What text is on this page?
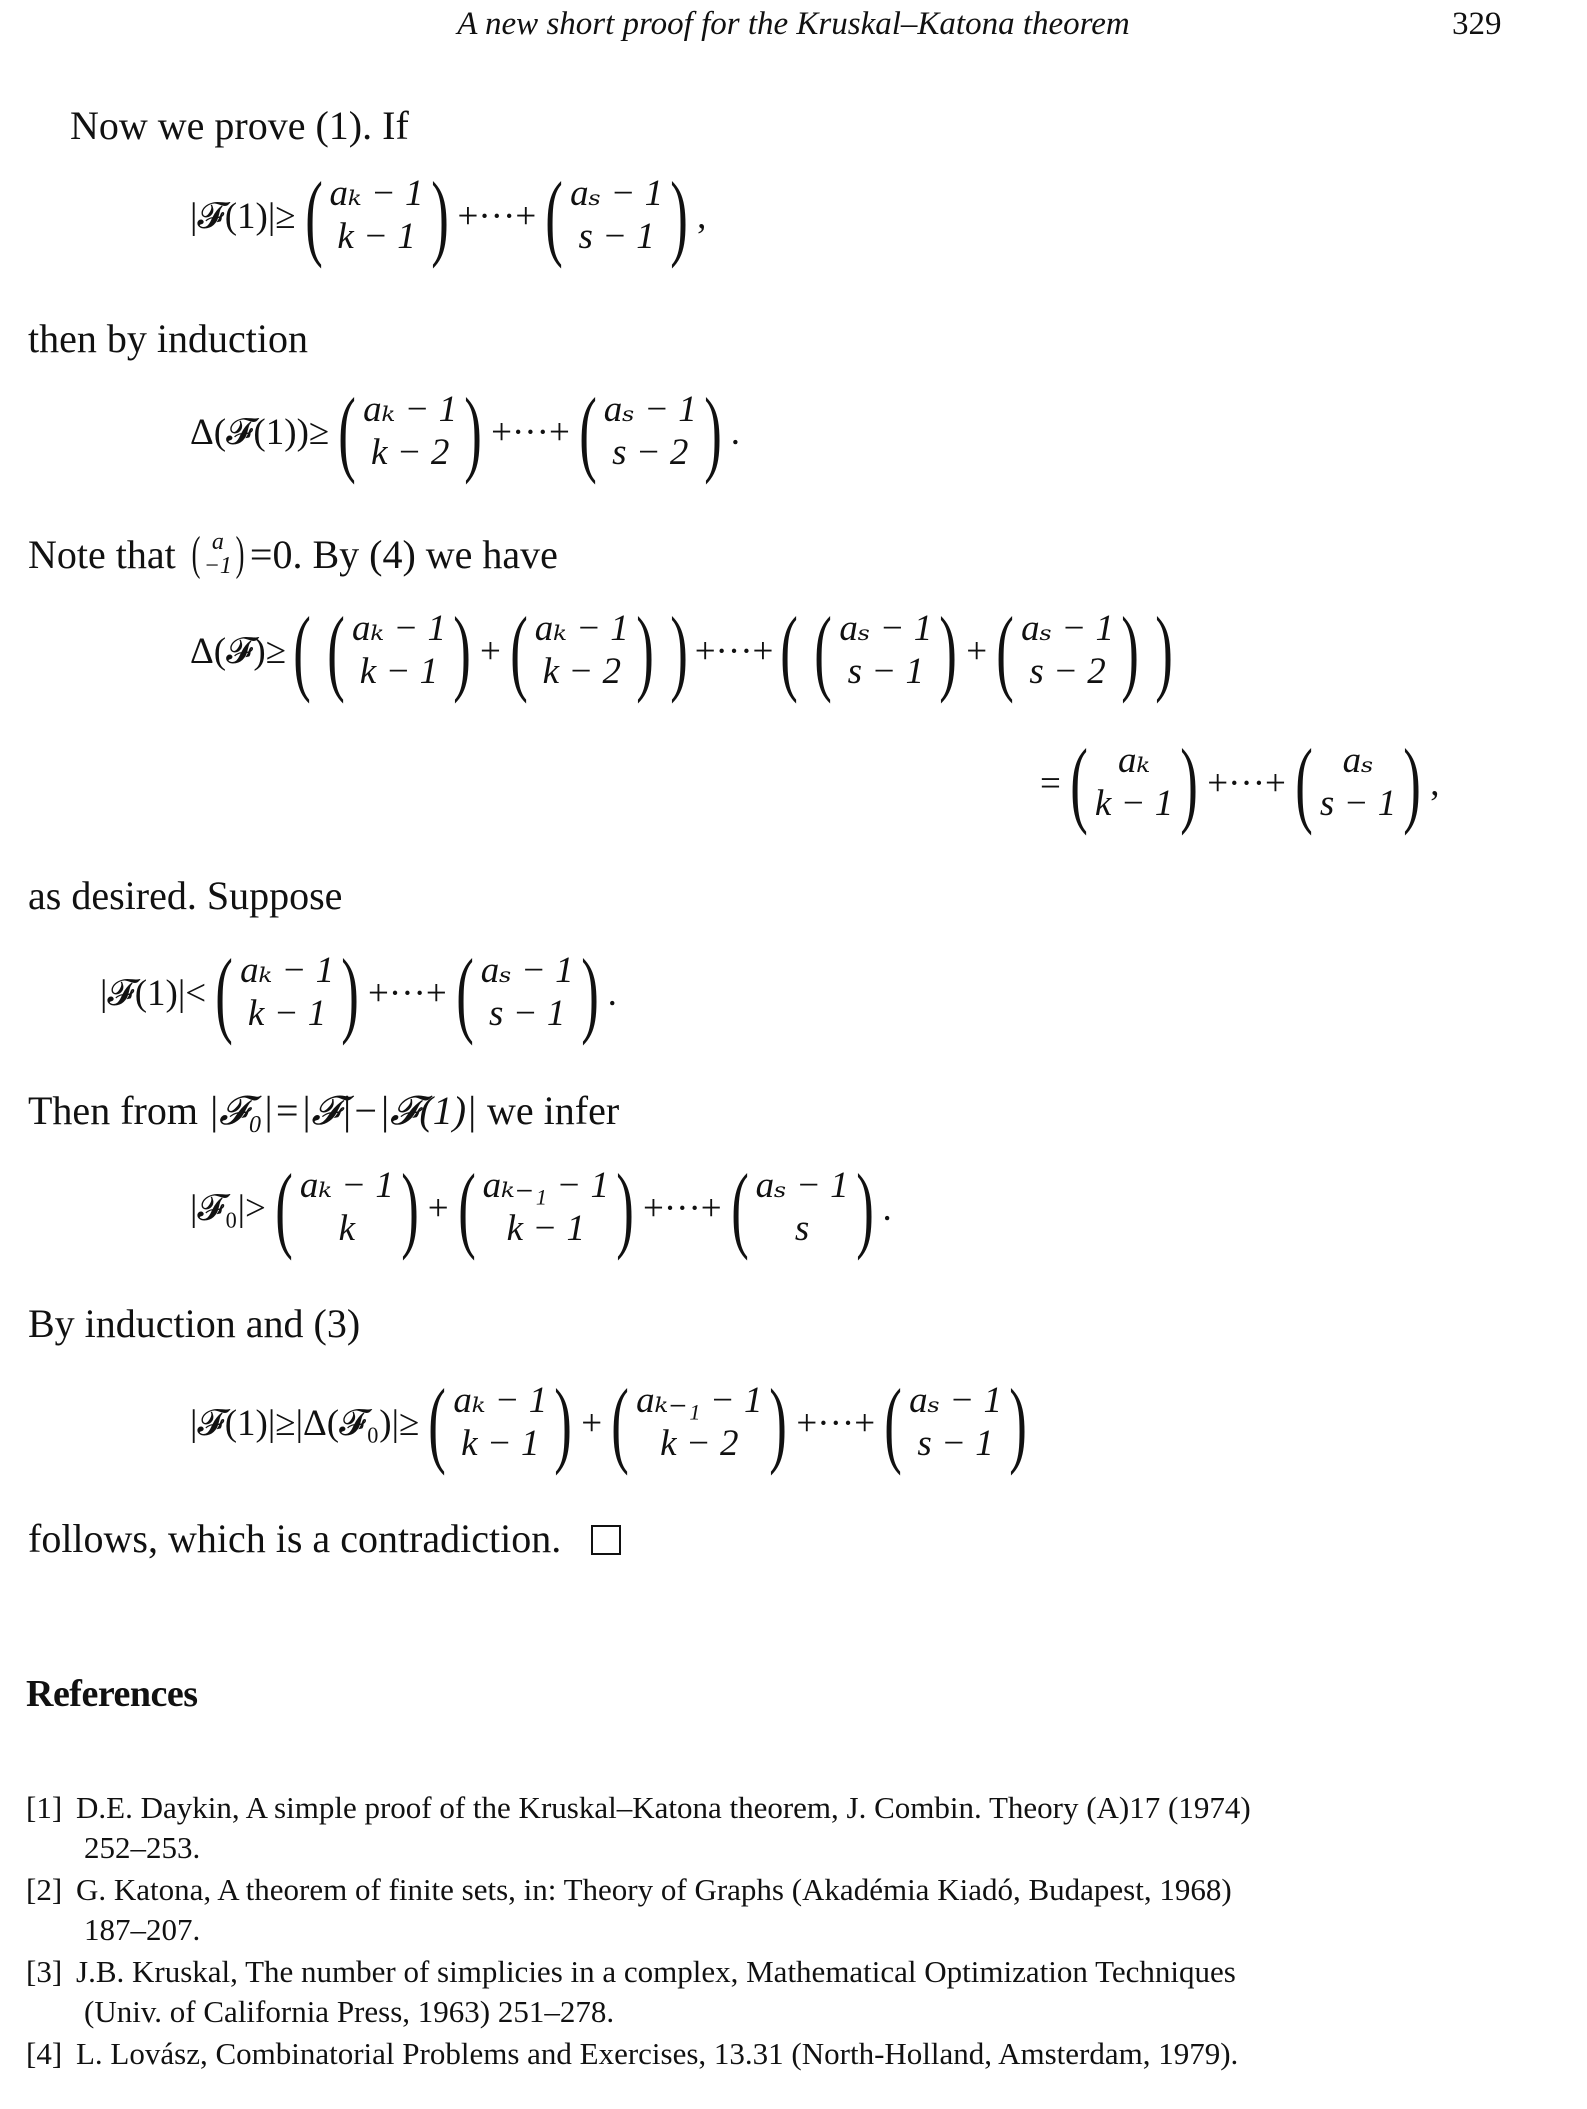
A new short proof for the Kruskal–Katona theorem	329
Now we prove (1). If
|𝓕(1)|≥ ( aₖ − 1
k − 1 ) +···+ ( aₛ − 1
s − 1 ) ,
then by induction
Δ(𝓕(1))≥ ( aₖ − 1
k − 2 ) +···+ ( aₛ − 1
s − 2 ) .
Note that ( a
−1 ) =0. By (4) we have
Δ(𝓕)≥ ( ( aₖ − 1
k − 1 ) + ( aₖ − 1
k − 2 ) ) +···+ ( ( aₛ − 1
s − 1 ) + ( aₛ − 1
s − 2 ) )
= ( aₖ
k − 1 ) +···+ ( aₛ
s − 1 ) ,
as desired. Suppose
|𝓕(1)|< ( aₖ − 1
k − 1 ) +···+ ( aₛ − 1
s − 1 ) .
Then from |𝓕₀|=|𝓕|−|𝓕(1)| we infer
|𝓕₀|> ( aₖ − 1
k ) + ( aₖ₋₁ − 1
k − 1 ) +···+ ( aₛ − 1
s ) .
By induction and (3)
|𝓕(1)|≥|Δ(𝓕₀)|≥ ( aₖ − 1
k − 1 ) + ( aₖ₋₁ − 1
k − 2 ) +···+ ( aₛ − 1
s − 1 )
follows, which is a contradiction.
References
[1] D.E. Daykin, A simple proof of the Kruskal–Katona theorem, J. Combin. Theory (A)17 (1974)
252–253.
[2] G. Katona, A theorem of finite sets, in: Theory of Graphs (Akadémia Kiadó, Budapest, 1968)
187–207.
[3] J.B. Kruskal, The number of simplicies in a complex, Mathematical Optimization Techniques
(Univ. of California Press, 1963) 251–278.
[4] L. Lovász, Combinatorial Problems and Exercises, 13.31 (North-Holland, Amsterdam, 1979).
